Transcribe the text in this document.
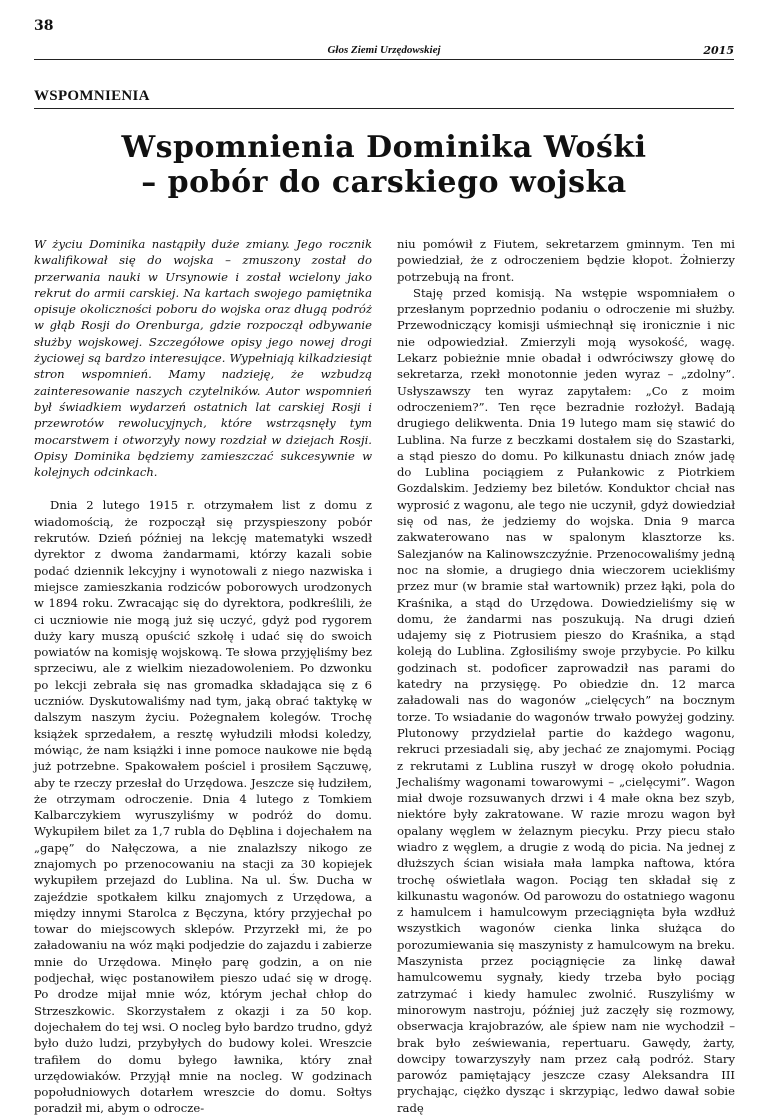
38
Głos Ziemi Urzędowskiej	2015
WSPOMNIENIA
Wspomnienia Dominika Wośki
– pobór do carskiego wojska

W życiu Dominika nastąpiły duże zmiany. Jego rocznik kwalifikował się do wojska – zmuszony został do przerwania nauki w Ursynowie i został wcielony jako rekrut do armii carskiej. Na kartach swojego pamiętnika opisuje okoliczności poboru do wojska oraz długą podróż w głąb Rosji do Orenburga, gdzie rozpoczął odbywanie służby wojskowej. Szczegółowe opisy jego nowej drogi życiowej są bardzo interesujące. Wypełniają kilkadziesiąt stron wspomnień. Mamy nadzieję, że wzbudzą zainteresowanie naszych czytelników. Autor wspomnień był świadkiem wydarzeń ostatnich lat carskiej Rosji i przewrotów rewolucyjnych, które wstrząsnęły tym mocarstwem i otworzyły nowy rozdział w dziejach Rosji. Opisy Dominika będziemy zamieszczać sukcesywnie w kolejnych odcinkach.

Dnia 2 lutego 1915 r. otrzymałem list z domu z wiadomością, że rozpoczął się przyspieszony pobór rekrutów. Dzień później na lekcję matematyki wszedł dyrektor z dwoma żandarmami, którzy kazali sobie podać dziennik lekcyjny i wynotowali z niego nazwiska i miejsce zamieszkania rodziców poborowych urodzonych w 1894 roku. Zwracając się do dyrektora, podkreślili, że ci uczniowie nie mogą już się uczyć, gdyż pod rygorem duży kary muszą opuścić szkołę i udać się do swoich powiatów na komisję wojskową. Te słowa przyjęliśmy bez sprzeciwu, ale z wielkim niezadowoleniem. Po dzwonku po lekcji zebrała się nas gromadka składająca się z 6 uczniów. Dyskutowaliśmy nad tym, jaką obrać taktykę w dalszym naszym życiu. Pożegnałem kolegów. Trochę książek sprzedałem, a resztę wyłudzili młodsi koledzy, mówiąc, że nam książki i inne pomoce naukowe nie będą już potrzebne. Spakowałem pościel i prosiłem Sączuwę, aby te rzeczy przesłał do Urzędowa. Jeszcze się łudziłem, że otrzymam odroczenie. Dnia 4 lutego z Tomkiem Kalbarczykiem wyruszyliśmy w podróż do domu. Wykupiłem bilet za 1,7 rubla do Dęblina i dojechałem na „gapę” do Nałęczowa, a nie znalazłszy nikogo ze znajomych po przenocowaniu na stacji za 30 kopiejek wykupiłem przejazd do Lublina. Na ul. Św. Ducha w zajeździe spotkałem kilku znajomych z Urzędowa, a między innymi Starolca z Bęczyna, który przyjechał po towar do miejscowych sklepów. Przyrzekł mi, że po załadowaniu na wóz mąki podjedzie do zajazdu i zabierze mnie do Urzędowa. Minęło parę godzin, a on nie podjechał, więc postanowiłem pieszo udać się w drogę. Po drodze mijał mnie wóz, którym jechał chłop do Strzeszkowic. Skorzystałem z okazji i za 50 kop. dojechałem do tej wsi. O nocleg było bardzo trudno, gdyż było dużo ludzi, przybyłych do budowy kolei. Wreszcie trafiłem do domu byłego ławnika, który znał urzędowiaków. Przyjął mnie na nocleg. W godzinach popołudniowych dotarłem wreszcie do domu. Sołtys poradził mi, abym o odrocze-

niu pomówił z Fiutem, sekretarzem gminnym. Ten mi powiedział, że z odroczeniem będzie kłopot. Żołnierzy potrzebują na front.

Staję przed komisją. Na wstępie wspomniałem o przesłanym poprzednio podaniu o odroczenie mi służby. Przewodniczący komisji uśmiechnął się ironicznie i nic nie odpowiedział. Zmierzyli moją wysokość, wagę. Lekarz pobieżnie mnie obadał i odwróciwszy głowę do sekretarza, rzekł monotonnie jeden wyraz – „zdolny”. Usłyszawszy ten wyraz zapytałem: „Co z moim odroczeniem?”. Ten ręce bezradnie rozłożył. Badają drugiego delikwenta. Dnia 19 lutego mam się stawić do Lublina. Na furze z beczkami dostałem się do Szastarki, a stąd pieszo do domu. Po kilkunastu dniach znów jadę do Lublina pociągiem z Pułankowic z Piotrkiem Gozdalskim. Jedziemy bez biletów. Konduktor chciał nas wyprosić z wagonu, ale tego nie uczynił, gdyż dowiedział się od nas, że jedziemy do wojska. Dnia 9 marca zakwaterowano nas w spalonym klasztorze ks. Salezjanów na Kalinowszczyźnie. Przenocowaliśmy jedną noc na słomie, a drugiego dnia wieczorem uciekliśmy przez mur (w bramie stał wartownik) przez łąki, pola do Kraśnika, a stąd do Urzędowa. Dowiedzieliśmy się w domu, że żandarmi nas poszukują. Na drugi dzień udajemy się z Piotrusiem pieszo do Kraśnika, a stąd koleją do Lublina. Zgłosiliśmy swoje przybycie. Po kilku godzinach st. podoficer zaprowadził nas parami do katedry na przysięgę. Po obiedzie dn. 12 marca załadowali nas do wagonów „cielęcych” na bocznym torze. To wsiadanie do wagonów trwało powyżej godziny. Plutonowy przydzielał partie do każdego wagonu, rekruci przesiadali się, aby jechać ze znajomymi. Pociąg z rekrutami z Lublina ruszył w drogę około południa. Jechaliśmy wagonami towarowymi – „cielęcymi”. Wagon miał dwoje rozsuwanych drzwi i 4 małe okna bez szyb, niektóre były zakratowane. W razie mrozu wagon był opalany węglem w żelaznym piecyku. Przy piecu stało wiadro z węglem, a drugie z wodą do picia. Na jednej z dłuższych ścian wisiała mała lampka naftowa, która trochę oświetlała wagon. Pociąg ten składał się z kilkunastu wagonów. Od parowozu do ostatniego wagonu z hamulcem i hamulcowym przeciągnięta była wzdłuż wszystkich wagonów cienka linka służąca do porozumiewania się maszynisty z hamulcowym na breku. Maszynista przez pociągnięcie za linkę dawał hamulcowemu sygnały, kiedy trzeba było pociąg zatrzymać i kiedy hamulec zwolnić. Ruszyliśmy w minorowym nastroju, później już zaczęły się rozmowy, obserwacja krajobrazów, ale śpiew nam nie wychodził – brak było zeświewania, repertuaru. Gawędy, żarty, dowcipy towarzyszyły nam przez całą podróż. Stary parowóz pamiętający jeszcze czasy Aleksandra III prychając, ciężko dysząc i skrzypiąc, ledwo dawał sobie radę
